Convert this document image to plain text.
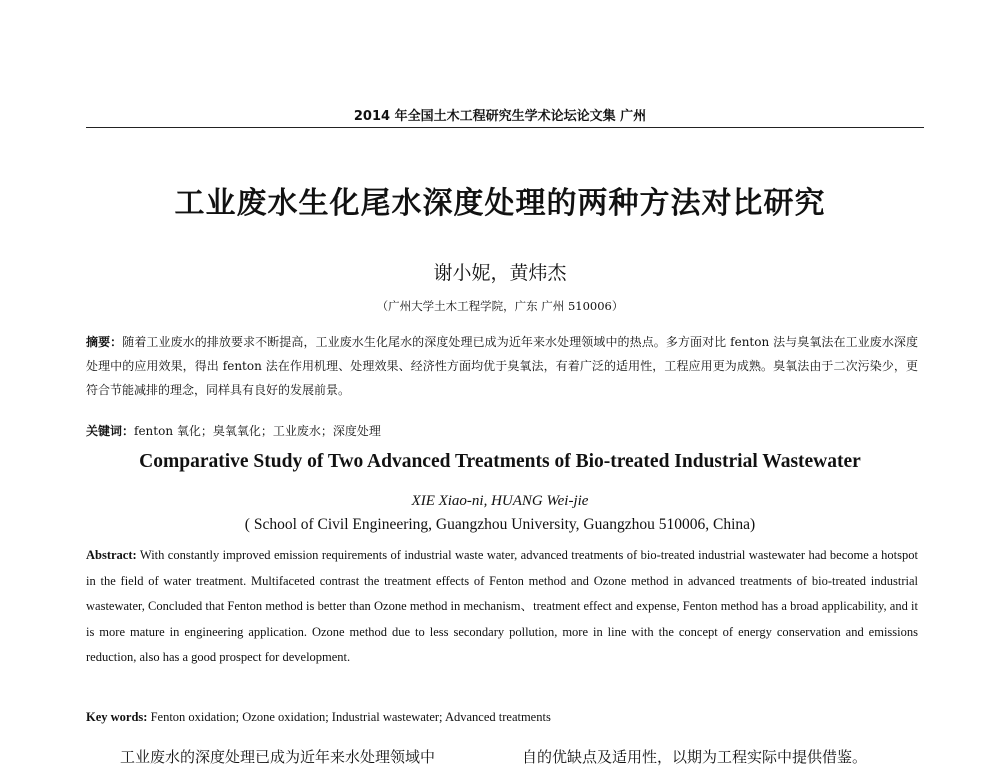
2014 年全国土木工程研究生学术论坛论文集 广州
工业废水生化尾水深度处理的两种方法对比研究
谢小妮，黄炜杰
（广州大学土木工程学院，广东 广州 510006）
摘要：随着工业废水的排放要求不断提高，工业废水生化尾水的深度处理已成为近年来水处理领域中的热点。多方面对比 fenton 法与臭氧法在工业废水深度处理中的应用效果，得出 fenton 法在作用机理、处理效果、经济性方面均优于臭氧法，有着广泛的适用性，工程应用更为成熟。臭氧法由于二次污染少，更符合节能减排的理念，同样具有良好的发展前景。
关键词：fenton 氧化；臭氧氧化；工业废水；深度处理
Comparative Study of Two Advanced Treatments of Bio-treated Industrial Wastewater
XIE Xiao-ni, HUANG Wei-jie
( School of Civil Engineering, Guangzhou University, Guangzhou 510006, China)
Abstract: With constantly improved emission requirements of industrial waste water, advanced treatments of bio-treated industrial wastewater had become a hotspot in the field of water treatment. Multifaceted contrast the treatment effects of Fenton method and Ozone method in advanced treatments of bio-treated industrial wastewater, Concluded that Fenton method is better than Ozone method in mechanism、treatment effect and expense, Fenton method has a broad applicability, and it is more mature in engineering application. Ozone method due to less secondary pollution, more in line with the concept of energy conservation and emissions reduction, also has a good prospect for development.
Key words: Fenton oxidation; Ozone oxidation; Industrial wastewater; Advanced treatments
工业废水的深度处理已成为近年来水处理领域中	自的优缺点及适用性，以期为工程实际中提供借鉴。
